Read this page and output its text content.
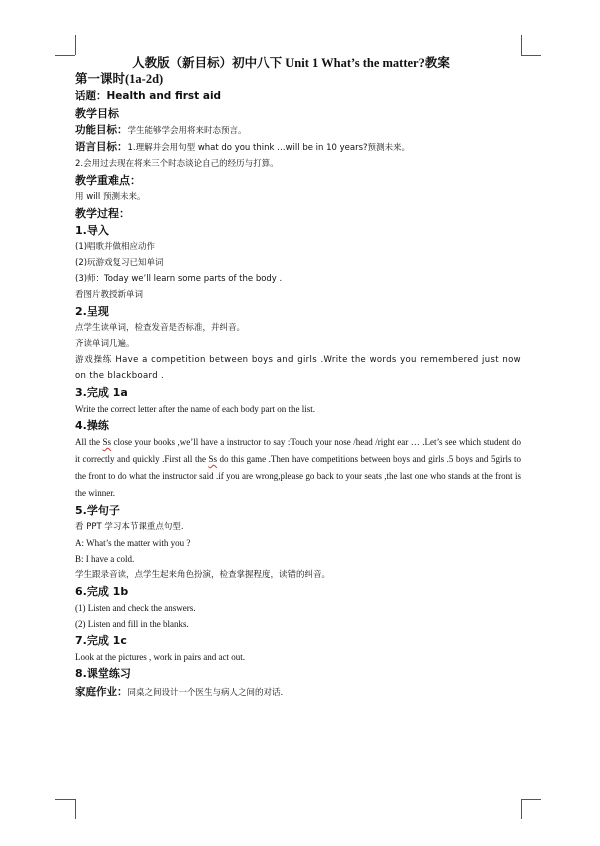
人教版（新目标）初中八下 Unit 1 What’s the matter?教案
第一课时(1a-2d)
话题：Health and first aid
教学目标
功能目标：学生能够学会用将来时态预言。
语言目标：1.理解并会用句型 what do you think …will be in 10 years?预测未来。
2.会用过去现在将来三个时态谈论自己的经历与打算。
教学重难点：
用 will 预测未来。
教学过程：
1.导入
(1)唱歌并做相应动作
(2)玩游戏复习已知单词
(3)师：Today we’ll learn some parts of the body .
看图片教授新单词
2.呈现
点学生读单词，检查发音是否标准，并纠音。
齐读单词几遍。
游戏操练 Have a competition between boys and girls .Write the words you remembered just now on the blackboard .
3.完成 1a
Write the correct letter after the name of each body part on the list.
4.操练
All the Ss close your books ,we’ll have a instructor to say :Touch your nose /head /right ear … .Let’s see which student do it correctly and quickly .First all the Ss do this game .Then have competitions between boys and girls .5 boys and 5girls to the front to do what the instructor said .if you are wrong,please go back to your seats ,the last one who stands at the front is the winner.
5.学句子
看 PPT 学习本节课重点句型.
A: What’s the matter with you ?
B: I have a cold.
学生跟录音读，点学生起来角色扮演，检查掌握程度，读错的纠音。
6.完成 1b
(1) Listen and check the answers.
(2) Listen and fill in the blanks.
7.完成 1c
Look at the pictures , work in pairs and act out.
8.课堂练习
家庭作业：同桌之间设计一个医生与病人之间的对话.
